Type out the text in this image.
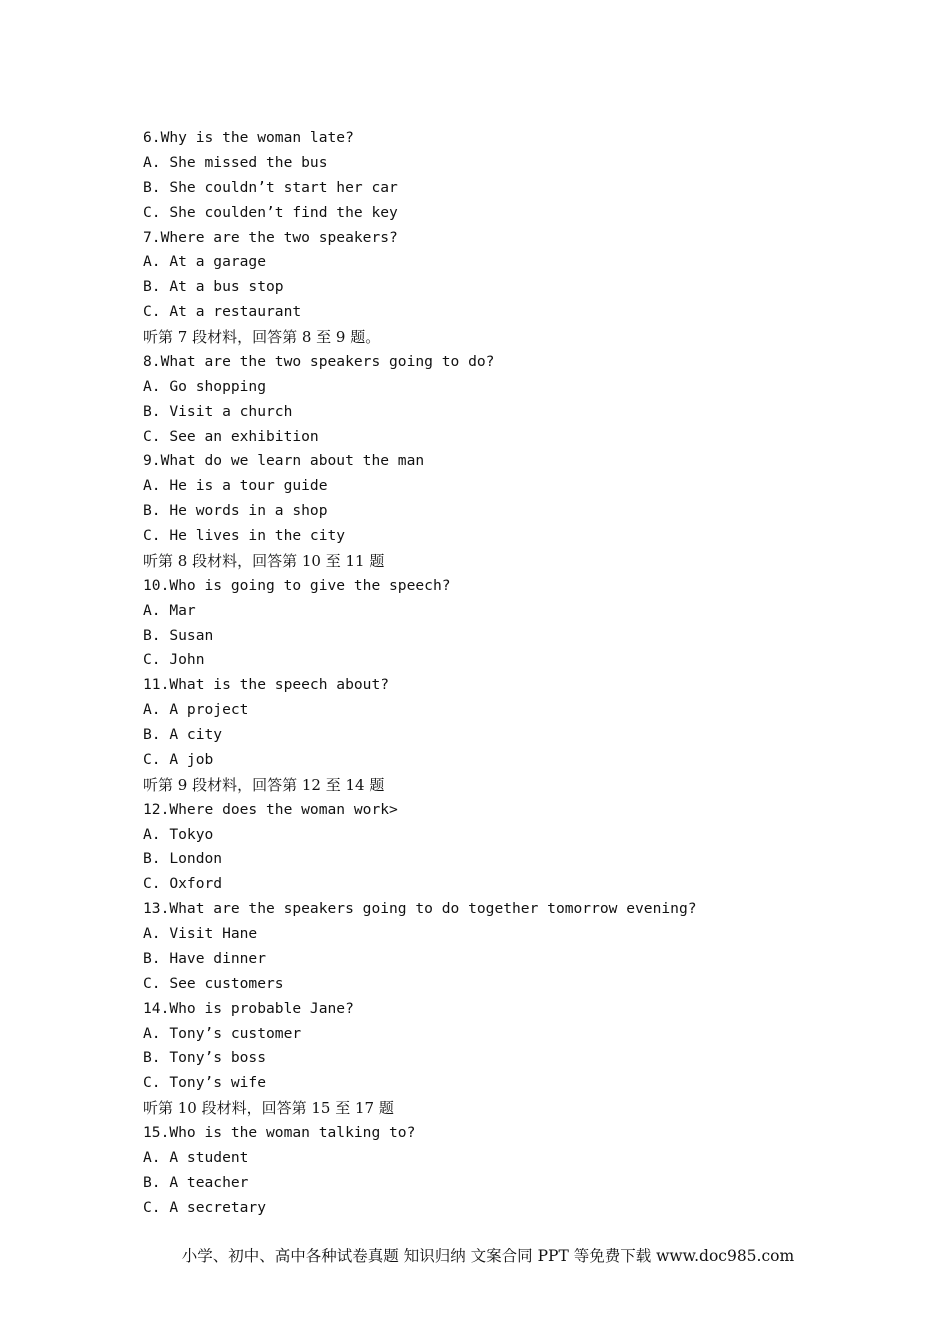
6.Why is the woman late?
A. She missed the bus
B. She couldn’t start her car
C. She coulden’t find the key
7.Where are the two speakers?
A. At a garage
B. At a bus stop
C. At a restaurant
听第 7 段材料，回答第 8 至 9 题。
8.What are the two speakers going to do?
A. Go shopping
B. Visit a church
C. See an exhibition
9.What do we learn about the man
A. He is a tour guide
B. He words in a shop
C. He lives in the city
听第 8 段材料，回答第 10 至 11 题
10.Who is going to give the speech?
A. Mar
B. Susan
C. John
11.What is the speech about?
A. A project
B. A city
C. A job
听第 9 段材料，回答第 12 至 14 题
12.Where does the woman work>
A. Tokyo
B. London
C. Oxford
13.What are the speakers going to do together tomorrow evening?
A. Visit Hane
B. Have dinner
C. See customers
14.Who is probable Jane?
A. Tony’s customer
B. Tony’s boss
C. Tony’s wife
听第 10 段材料，回答第 15 至 17 题
15.Who is the woman talking to?
A. A student
B. A teacher
C. A secretary
小学、初中、高中各种试卷真题 知识归纳 文案合同 PPT 等免费下载 www.doc985.com
